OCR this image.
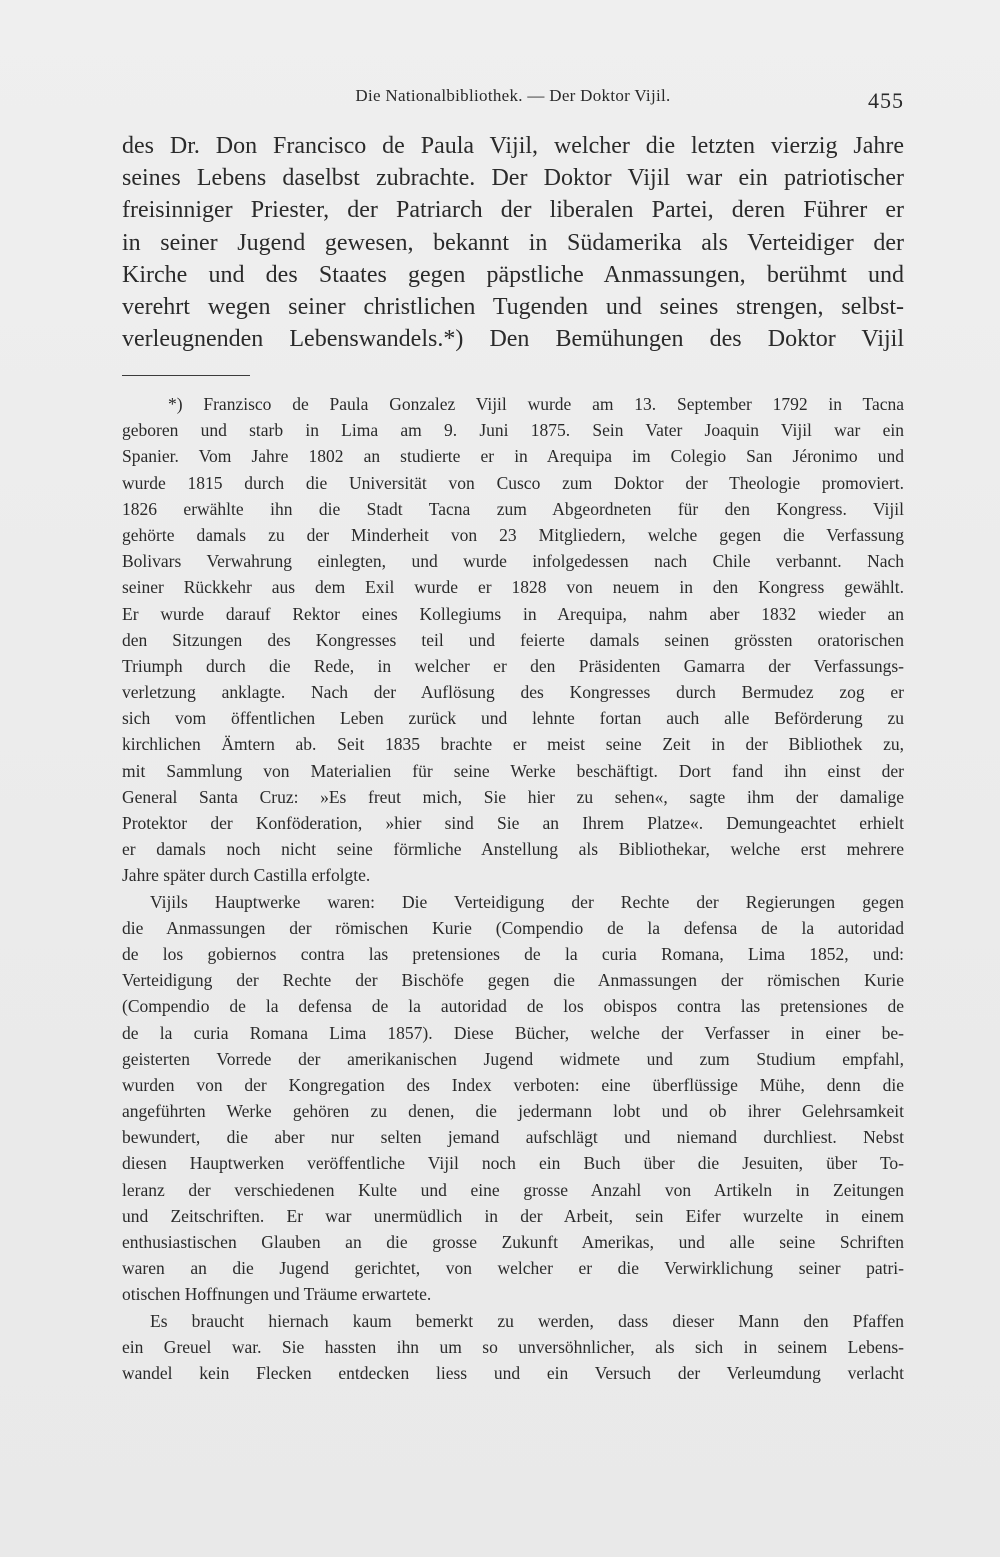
Die Nationalbibliothek. — Der Doktor Vijil.	455
des Dr. Don Francisco de Paula Vijil, welcher die letzten vierzig Jahre
seines Lebens daselbst zubrachte. Der Doktor Vijil war ein patriotischer
freisinniger Priester, der Patriarch der liberalen Partei, deren Führer er
in seiner Jugend gewesen, bekannt in Südamerika als Verteidiger der
Kirche und des Staates gegen päpstliche Anmassungen, berühmt und
verehrt wegen seiner christlichen Tugenden und seines strengen, selbst-
verleugnenden Lebenswandels.*) Den Bemühungen des Doktor Vijil
*) Franzisco de Paula Gonzalez Vijil wurde am 13. September 1792 in Tacna
geboren und starb in Lima am 9. Juni 1875. Sein Vater Joaquin Vijil war ein
Spanier. Vom Jahre 1802 an studierte er in Arequipa im Colegio San Jéronimo und
wurde 1815 durch die Universität von Cusco zum Doktor der Theologie promoviert.
1826 erwählte ihn die Stadt Tacna zum Abgeordneten für den Kongress. Vijil
gehörte damals zu der Minderheit von 23 Mitgliedern, welche gegen die Verfassung
Bolivars Verwahrung einlegten, und wurde infolgedessen nach Chile verbannt. Nach
seiner Rückkehr aus dem Exil wurde er 1828 von neuem in den Kongress gewählt.
Er wurde darauf Rektor eines Kollegiums in Arequipa, nahm aber 1832 wieder an
den Sitzungen des Kongresses teil und feierte damals seinen grössten oratorischen
Triumph durch die Rede, in welcher er den Präsidenten Gamarra der Verfassungs-
verletzung anklagte. Nach der Auflösung des Kongresses durch Bermudez zog er
sich vom öffentlichen Leben zurück und lehnte fortan auch alle Beförderung zu
kirchlichen Ämtern ab. Seit 1835 brachte er meist seine Zeit in der Bibliothek zu,
mit Sammlung von Materialien für seine Werke beschäftigt. Dort fand ihn einst der
General Santa Cruz: »Es freut mich, Sie hier zu sehen«, sagte ihm der damalige
Protektor der Konföderation, »hier sind Sie an Ihrem Platze«. Demungeachtet erhielt
er damals noch nicht seine förmliche Anstellung als Bibliothekar, welche erst mehrere
Jahre später durch Castilla erfolgte.
Vijils Hauptwerke waren: Die Verteidigung der Rechte der Regierungen gegen
die Anmassungen der römischen Kurie (Compendio de la defensa de la autoridad
de los gobiernos contra las pretensiones de la curia Romana, Lima 1852, und:
Verteidigung der Rechte der Bischöfe gegen die Anmassungen der römischen Kurie
(Compendio de la defensa de la autoridad de los obispos contra las pretensiones de
de la curia Romana Lima 1857). Diese Bücher, welche der Verfasser in einer be-
geisterten Vorrede der amerikanischen Jugend widmete und zum Studium empfahl,
wurden von der Kongregation des Index verboten: eine überflüssige Mühe, denn die
angeführten Werke gehören zu denen, die jedermann lobt und ob ihrer Gelehrsamkeit
bewundert, die aber nur selten jemand aufschlägt und niemand durchliest. Nebst
diesen Hauptwerken veröffentliche Vijil noch ein Buch über die Jesuiten, über To-
leranz der verschiedenen Kulte und eine grosse Anzahl von Artikeln in Zeitungen
und Zeitschriften. Er war unermüdlich in der Arbeit, sein Eifer wurzelte in einem
enthusiastischen Glauben an die grosse Zukunft Amerikas, und alle seine Schriften
waren an die Jugend gerichtet, von welcher er die Verwirklichung seiner patri-
otischen Hoffnungen und Träume erwartete.
Es braucht hiernach kaum bemerkt zu werden, dass dieser Mann den Pfaffen
ein Greuel war. Sie hassten ihn um so unversöhnlicher, als sich in seinem Lebens-
wandel kein Flecken entdecken liess und ein Versuch der Verleumdung verlacht
